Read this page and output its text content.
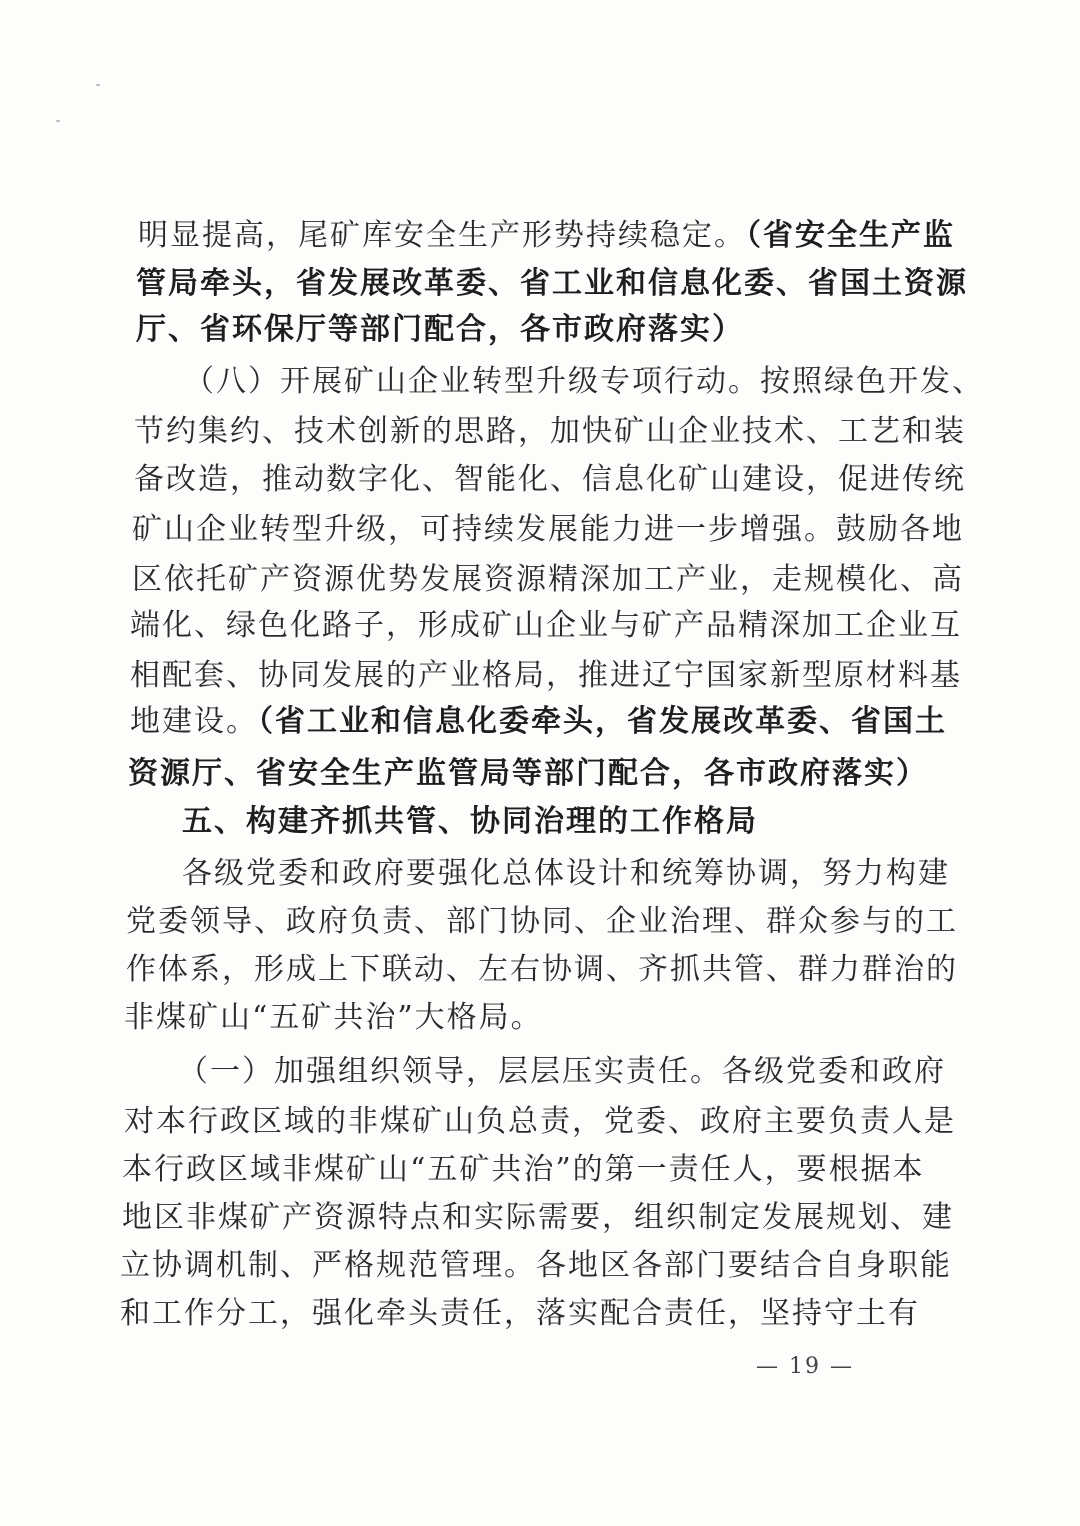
明显提高，尾矿库安全生产形势持续稳定。（省安全生产监
管局牵头，省发展改革委、省工业和信息化委、省国土资源
厅、省环保厅等部门配合，各市政府落实）
（八）开展矿山企业转型升级专项行动。按照绿色开发、
节约集约、技术创新的思路，加快矿山企业技术、工艺和装
备改造，推动数字化、智能化、信息化矿山建设，促进传统
矿山企业转型升级，可持续发展能力进一步增强。鼓励各地
区依托矿产资源优势发展资源精深加工产业，走规模化、高
端化、绿色化路子，形成矿山企业与矿产品精深加工企业互
相配套、协同发展的产业格局，推进辽宁国家新型原材料基
地建设。（省工业和信息化委牵头，省发展改革委、省国土
资源厅、省安全生产监管局等部门配合，各市政府落实）
五、构建齐抓共管、协同治理的工作格局
各级党委和政府要强化总体设计和统筹协调，努力构建
党委领导、政府负责、部门协同、企业治理、群众参与的工
作体系，形成上下联动、左右协调、齐抓共管、群力群治的
非煤矿山“五矿共治”大格局。
（一）加强组织领导，层层压实责任。各级党委和政府
对本行政区域的非煤矿山负总责，党委、政府主要负责人是
本行政区域非煤矿山“五矿共治”的第一责任人，要根据本
地区非煤矿产资源特点和实际需要，组织制定发展规划、建
立协调机制、严格规范管理。各地区各部门要结合自身职能
和工作分工，强化牵头责任，落实配合责任，坚持守土有
— 19 —
